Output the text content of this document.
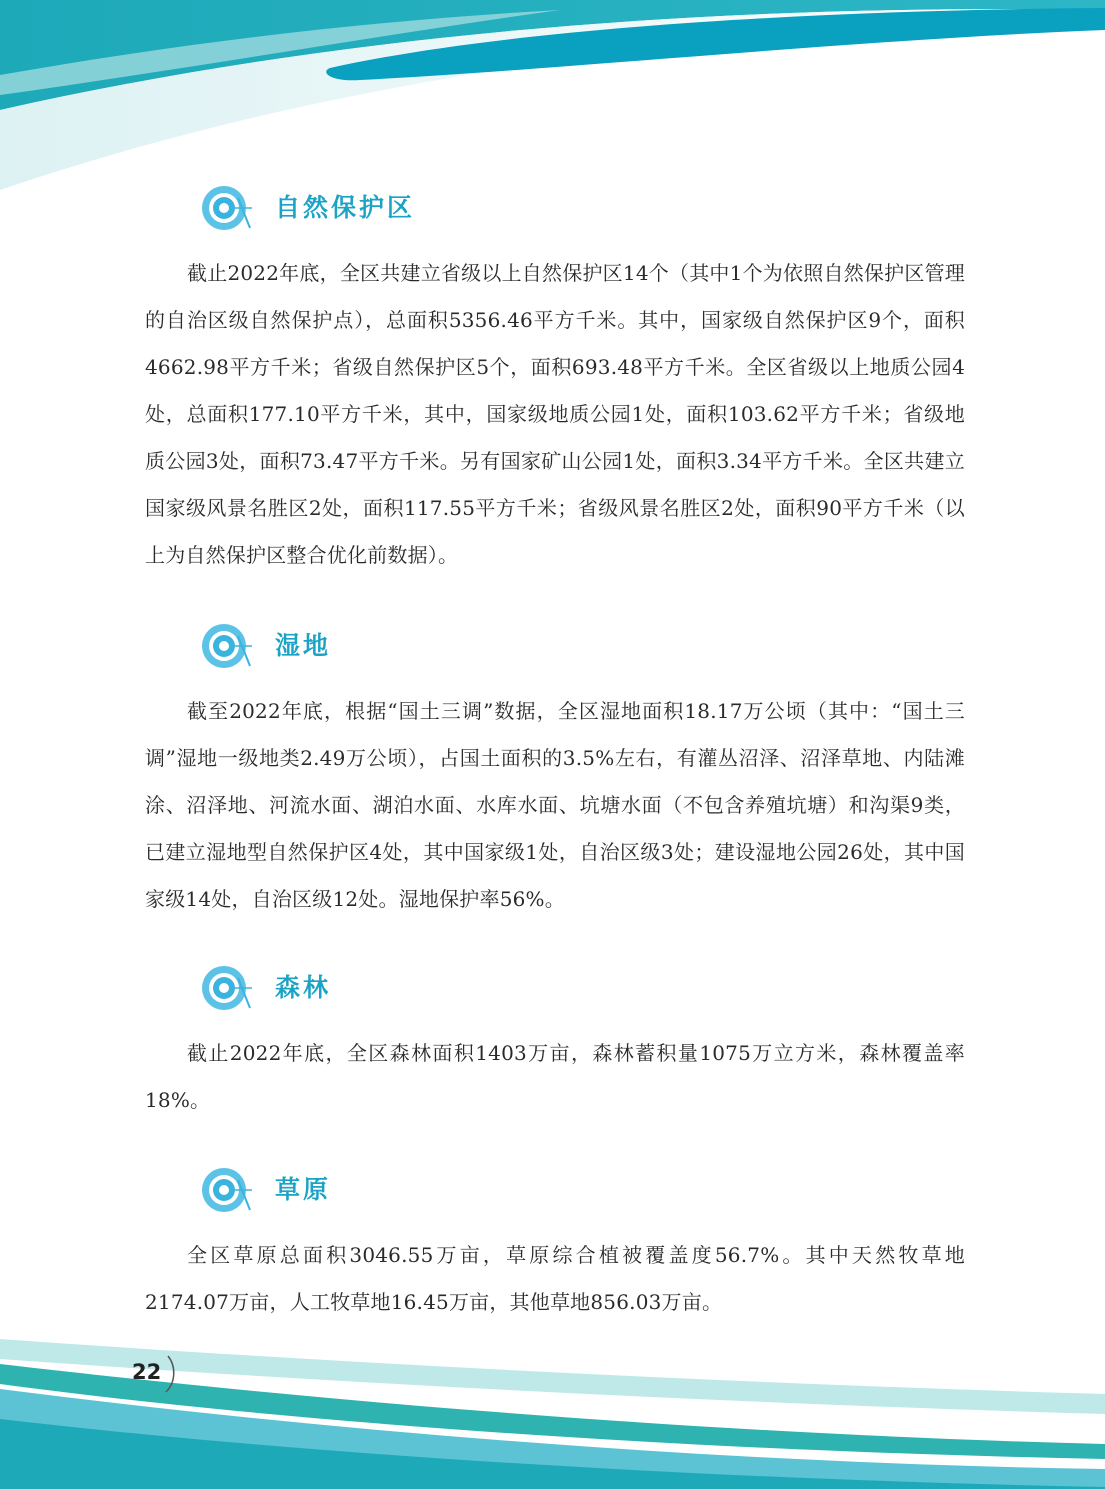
自然保护区

截止2022年底，全区共建立省级以上自然保护区14个（其中1个为依照自然保护区管理的自治区级自然保护点），总面积5356.46平方千米。其中，国家级自然保护区9个，面积4662.98平方千米；省级自然保护区5个，面积693.48平方千米。全区省级以上地质公园4处，总面积177.10平方千米，其中，国家级地质公园1处，面积103.62平方千米；省级地质公园3处，面积73.47平方千米。另有国家矿山公园1处，面积3.34平方千米。全区共建立国家级风景名胜区2处，面积117.55平方千米；省级风景名胜区2处，面积90平方千米（以上为自然保护区整合优化前数据）。

湿地

截至2022年底，根据“国土三调”数据，全区湿地面积18.17万公顷（其中：“国土三调”湿地一级地类2.49万公顷），占国土面积的3.5%左右，有灌丛沼泽、沼泽草地、内陆滩涂、沼泽地、河流水面、湖泊水面、水库水面、坑塘水面（不包含养殖坑塘）和沟渠9类，已建立湿地型自然保护区4处，其中国家级1处，自治区级3处；建设湿地公园26处，其中国家级14处，自治区级12处。湿地保护率56%。

森林

截止2022年底，全区森林面积1403万亩，森林蓄积量1075万立方米，森林覆盖率18%。

草原

全区草原总面积3046.55万亩，草原综合植被覆盖度56.7%。其中天然牧草地2174.07万亩，人工牧草地16.45万亩，其他草地856.03万亩。

22
